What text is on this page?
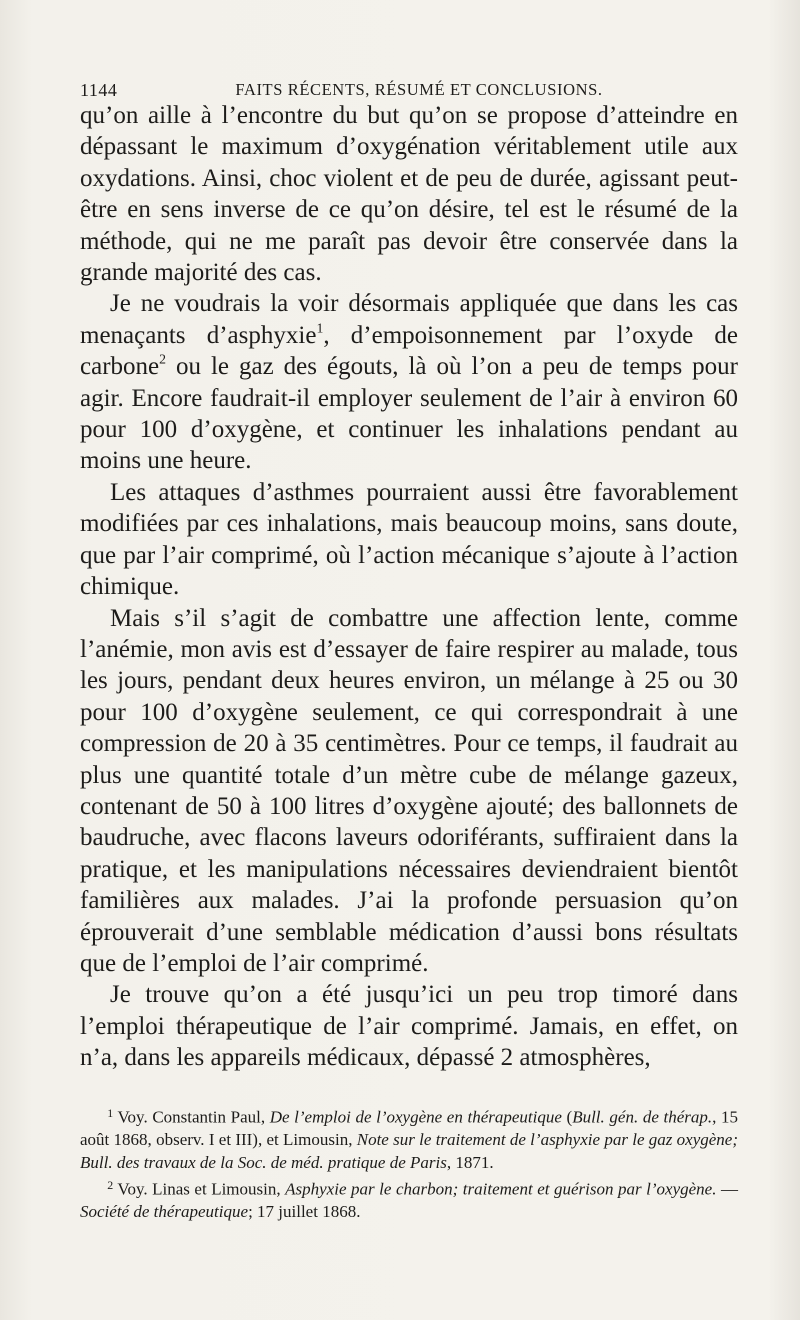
1144	FAITS RÉCENTS, RÉSUMÉ ET CONCLUSIONS.

qu’on aille à l’encontre du but qu’on se propose d’atteindre en dépassant le maximum d’oxygénation véritablement utile aux oxydations. Ainsi, choc violent et de peu de durée, agissant peut-être en sens inverse de ce qu’on désire, tel est le résumé de la méthode, qui ne me paraît pas devoir être conservée dans la grande majorité des cas.

Je ne voudrais la voir désormais appliquée que dans les cas menaçants d’asphyxie$^1$, d’empoisonnement par l’oxyde de carbone$^2$ ou le gaz des égouts, là où l’on a peu de temps pour agir. Encore faudrait-il employer seulement de l’air à environ 60 pour 100 d’oxygène, et continuer les inhalations pendant au moins une heure.

Les attaques d’asthmes pourraient aussi être favorablement modifiées par ces inhalations, mais beaucoup moins, sans doute, que par l’air comprimé, où l’action mécanique s’ajoute à l’action chimique.

Mais s’il s’agit de combattre une affection lente, comme l’anémie, mon avis est d’essayer de faire respirer au malade, tous les jours, pendant deux heures environ, un mélange à 25 ou 30 pour 100 d’oxygène seulement, ce qui correspondrait à une compression de 20 à 35 centimètres. Pour ce temps, il faudrait au plus une quantité totale d’un mètre cube de mélange gazeux, contenant de 50 à 100 litres d’oxygène ajouté; des ballonnets de baudruche, avec flacons laveurs odoriférants, suffiraient dans la pratique, et les manipulations nécessaires deviendraient bientôt familières aux malades. J’ai la profonde persuasion qu’on éprouverait d’une semblable médication d’aussi bons résultats que de l’emploi de l’air comprimé.

Je trouve qu’on a été jusqu’ici un peu trop timoré dans l’emploi thérapeutique de l’air comprimé. Jamais, en effet, on n’a, dans les appareils médicaux, dépassé 2 atmosphères,

$^1$ Voy. Constantin Paul, De l’emploi de l’oxygène en thérapeutique (Bull. gén. de thérap., 15 août 1868, observ. I et III), et Limousin, Note sur le traitement de l’asphyxie par le gaz oxygène; Bull. des travaux de la Soc. de méd. pratique de Paris, 1871.

$^2$ Voy. Linas et Limousin, Asphyxie par le charbon; traitement et guérison par l’oxygène. — Société de thérapeutique; 17 juillet 1868.
